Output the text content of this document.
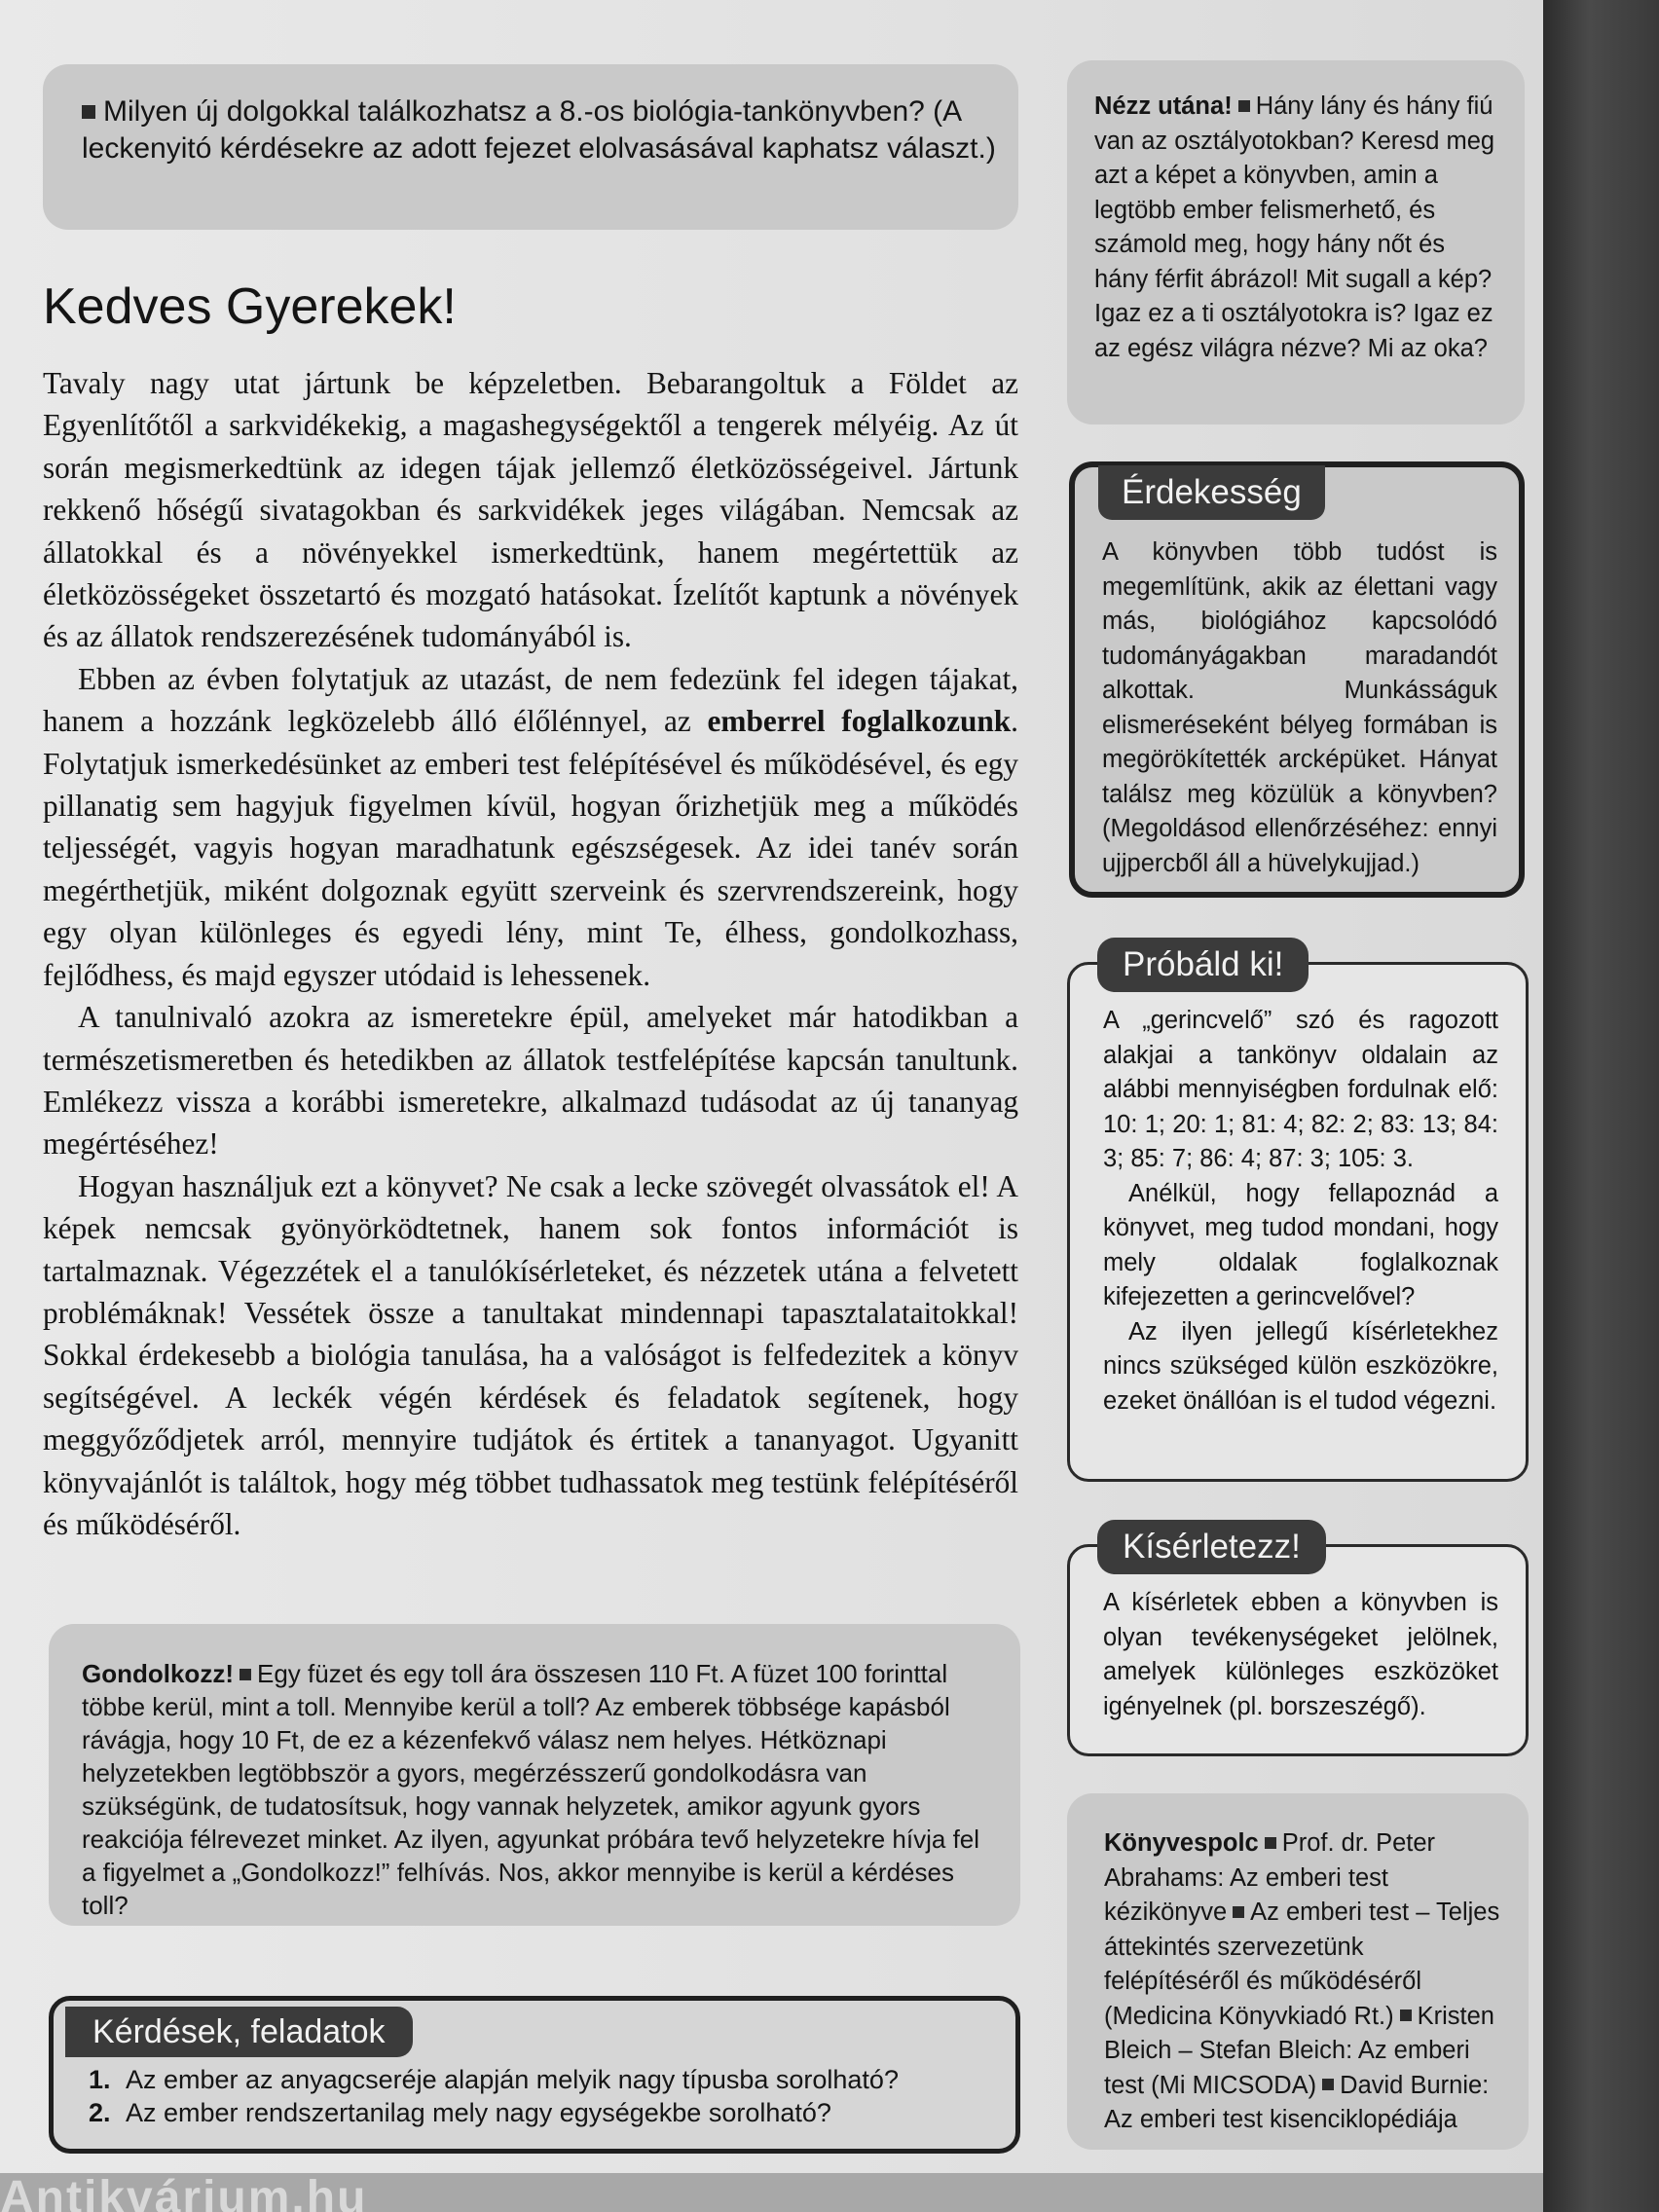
Antikvárium.hu

Milyen új dolgokkal találkozhatsz a 8.-os biológia-tankönyvben? (A leckenyitó kérdésekre az adott fejezet elolvasásával kaphatsz választ.)

Kedves Gyerekek!

Tavaly nagy utat jártunk be képzeletben. Bebarangoltuk a Földet az Egyenlítőtől a sarkvidékekig, a magashegységektől a tengerek mélyéig. Az út során megismerkedtünk az idegen tájak jellemző életközösségeivel. Jártunk rekkenő hőségű sivatagokban és sarkvidékek jeges világában. Nemcsak az állatokkal és a növényekkel ismerkedtünk, hanem megértettük az életközösségeket összetartó és mozgató hatásokat. Ízelítőt kaptunk a növények és az állatok rendszerezésének tudományából is.

Ebben az évben folytatjuk az utazást, de nem fedezünk fel idegen tájakat, hanem a hozzánk legközelebb álló élőlénnyel, az emberrel foglalkozunk. Folytatjuk ismerkedésünket az emberi test felépítésével és működésével, és egy pillanatig sem hagyjuk figyelmen kívül, hogyan őrizhetjük meg a működés teljességét, vagyis hogyan maradhatunk egészségesek. Az idei tanév során megérthetjük, miként dolgoznak együtt szerveink és szervrendszereink, hogy egy olyan különleges és egyedi lény, mint Te, élhess, gondolkozhass, fejlődhess, és majd egyszer utódaid is lehessenek.

A tanulnivaló azokra az ismeretekre épül, amelyeket már hatodikban a természetismeretben és hetedikben az állatok testfelépítése kapcsán tanultunk. Emlékezz vissza a korábbi ismeretekre, alkalmazd tudásodat az új tananyag megértéséhez!

Hogyan használjuk ezt a könyvet? Ne csak a lecke szövegét olvassátok el! A képek nemcsak gyönyörködtetnek, hanem sok fontos információt is tartalmaznak. Végezzétek el a tanulókísérleteket, és nézzetek utána a felvetett problémáknak! Vessétek össze a tanultakat mindennapi tapasztalataitokkal! Sokkal érdekesebb a biológia tanulása, ha a valóságot is felfedezitek a könyv segítségével. A leckék végén kérdések és feladatok segítenek, hogy meggyőződjetek arról, mennyire tudjátok és értitek a tananyagot. Ugyanitt könyvajánlót is találtok, hogy még többet tudhassatok meg testünk felépítéséről és működéséről.

Gondolkozz! Egy füzet és egy toll ára összesen 110 Ft. A füzet 100 forinttal többe kerül, mint a toll. Mennyibe kerül a toll? Az emberek többsége kapásból rávágja, hogy 10 Ft, de ez a kézenfekvő válasz nem helyes. Hétköznapi helyzetekben legtöbbször a gyors, megérzésszerű gondolkodásra van szükségünk, de tudatosítsuk, hogy vannak helyzetek, amikor agyunk gyors reakciója félrevezet minket. Az ilyen, agyunkat próbára tevő helyzetekre hívja fel a figyelmet a „Gondolkozz!” felhívás. Nos, akkor mennyibe is kerül a kérdéses toll?

Kérdések, feladatok
1. Az ember az anyagcseréje alapján melyik nagy típusba sorolható?
2. Az ember rendszertanilag mely nagy egységekbe sorolható?

Nézz utána! Hány lány és hány fiú van az osztályotokban? Keresd meg azt a képet a könyvben, amin a legtöbb ember felismerhető, és számold meg, hogy hány nőt és hány férfit ábrázol! Mit sugall a kép? Igaz ez a ti osztályotokra is? Igaz ez az egész világra nézve? Mi az oka?

Érdekesség

A könyvben több tudóst is megemlítünk, akik az élettani vagy más, biológiához kapcsolódó tudományágakban maradandót alkottak. Munkásságuk elismeréseként bélyeg formában is megörökítették arcképüket. Hányat találsz meg közülük a könyvben? (Megoldásod ellenőrzéséhez: ennyi ujjpercből áll a hüvelykujjad.)

Próbáld ki!

A „gerincvelő” szó és ragozott alakjai a tankönyv oldalain az alábbi mennyiségben fordulnak elő: 10: 1; 20: 1; 81: 4; 82: 2; 83: 13; 84: 3; 85: 7; 86: 4; 87: 3; 105: 3.

Anélkül, hogy fellapoznád a könyvet, meg tudod mondani, hogy mely oldalak foglalkoznak kifejezetten a gerincvelővel?

Az ilyen jellegű kísérletekhez nincs szükséged külön eszközökre, ezeket önállóan is el tudod végezni.

Kísérletezz!

A kísérletek ebben a könyvben is olyan tevékenységeket jelölnek, amelyek különleges eszközöket igényelnek (pl. borszeszégő).

Könyvespolc Prof. dr. Peter Abrahams: Az emberi test kézikönyve Az emberi test – Teljes áttekintés szervezetünk felépítéséről és működéséről (Medicina Könyvkiadó Rt.) Kristen Bleich – Stefan Bleich: Az emberi test (Mi MICSODA) David Burnie: Az emberi test kisenciklopédiája
